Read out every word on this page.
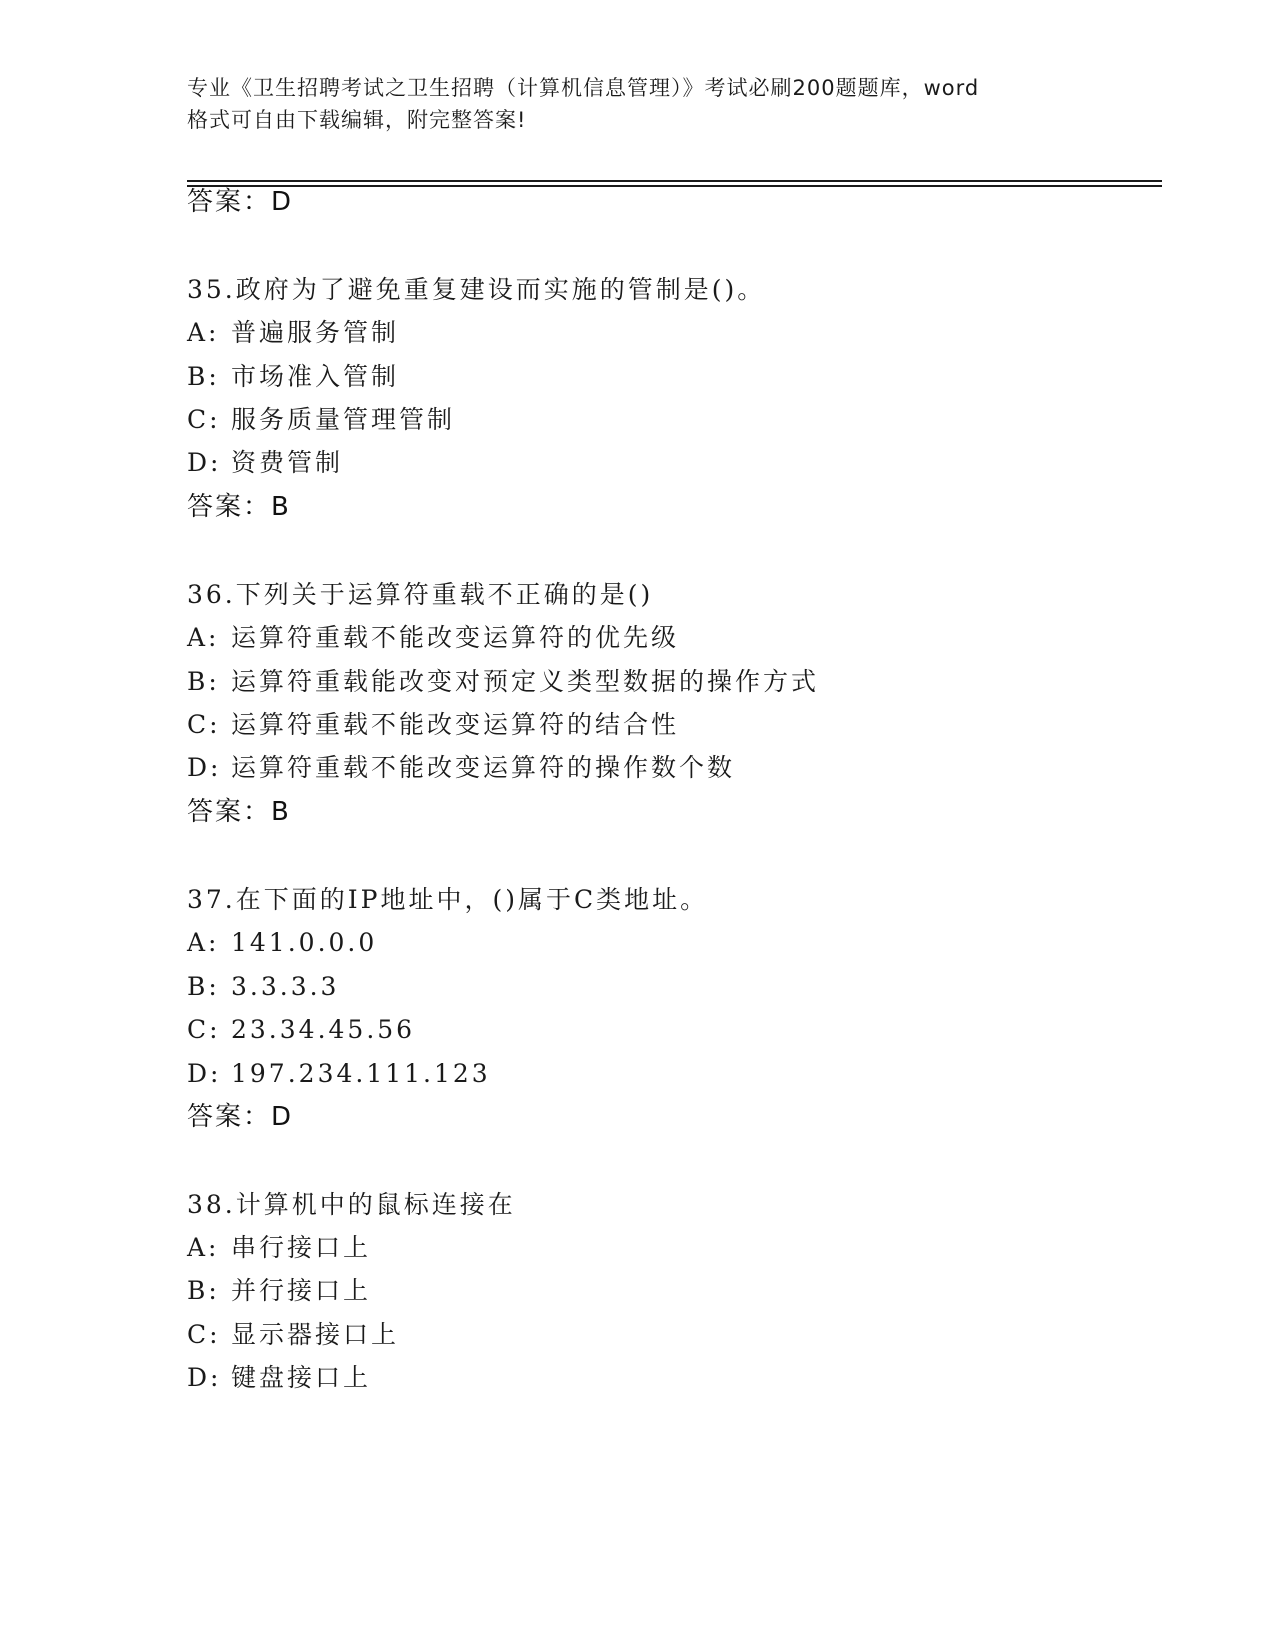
专业《卫生招聘考试之卫生招聘（计算机信息管理）》考试必刷200题题库，word
格式可自由下载编辑，附完整答案!
答案：D
35.政府为了避免重复建设而实施的管制是()。
A: 普遍服务管制
B: 市场准入管制
C: 服务质量管理管制
D: 资费管制
答案：B
36.下列关于运算符重载不正确的是()
A: 运算符重载不能改变运算符的优先级
B: 运算符重载能改变对预定义类型数据的操作方式
C: 运算符重载不能改变运算符的结合性
D: 运算符重载不能改变运算符的操作数个数
答案：B
37.在下面的IP地址中，()属于C类地址。
A: 141.0.0.0
B: 3.3.3.3
C: 23.34.45.56
D: 197.234.111.123
答案：D
38.计算机中的鼠标连接在
A: 串行接口上
B: 并行接口上
C: 显示器接口上
D: 键盘接口上
